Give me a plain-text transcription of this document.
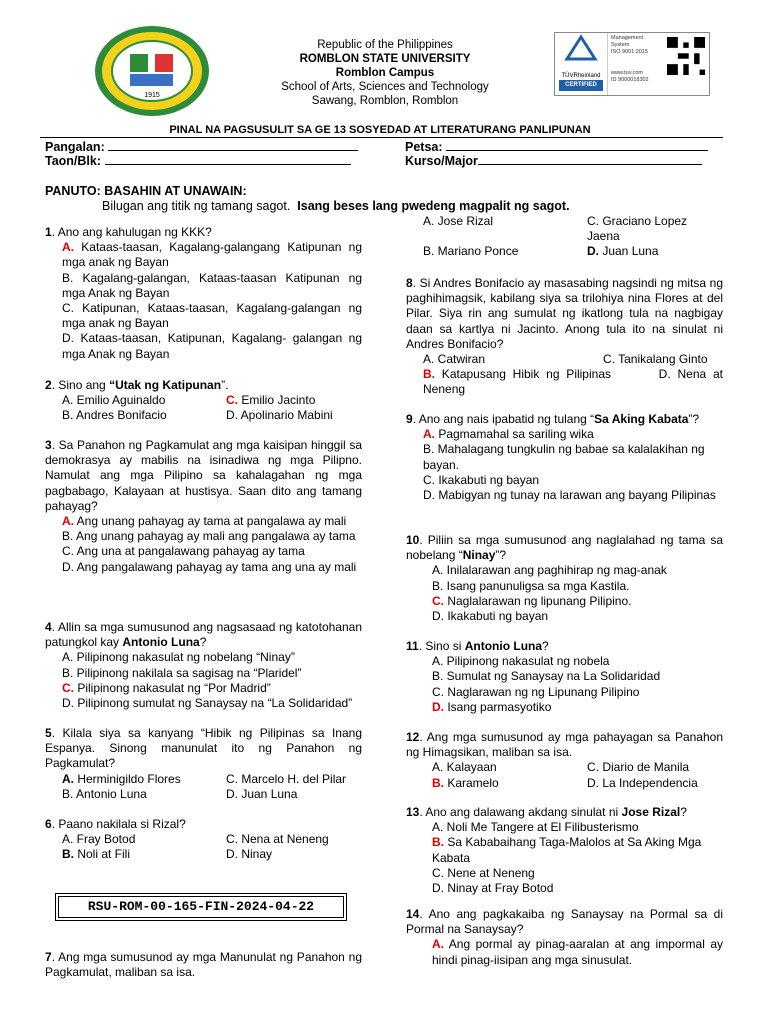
1915
Republic of the Philippines
ROMBLON STATE UNIVERSITY
Romblon Campus
School of Arts, Sciences and Technology
Sawang, Romblon, Romblon
TÜVRheinland
CERTIFIED
Management
System
ISO 9001:2015
www.tuv.com
ID 9000018302
PINAL NA PAGSUSULIT SA GE 13 SOSYEDAD AT LITERATURANG PANLIPUNAN
Pangalan:	Petsa:
Taon/Blk:	Kurso/Major
PANUTO: BASAHIN AT UNAWAIN:
Bilugan ang titik ng tamang sagot. Isang beses lang pwedeng magpalit ng sagot.
1. Ano ang kahulugan ng KKK?
A. Kataas-taasan, Kagalang-galangang Katipunan ng mga anak ng Bayan
B. Kagalang-galangan, Kataas-taasan Katipunan ng mga Anak ng Bayan
C. Katipunan, Kataas-taasan, Kagalang-galangan ng mga anak ng Bayan
D. Kataas-taasan, Katipunan, Kagalang- galangan ng mga Anak ng Bayan
2. Sino ang “Utak ng Katipunan”.
A. Emilio Aguinaldo	C. Emilio Jacinto
B. Andres Bonifacio	D. Apolinario Mabini
3. Sa Panahon ng Pagkamulat ang mga kaisipan hinggil sa demokrasya ay mabilis na isinadiwa ng mga Pilipno. Namulat ang mga Pilipino sa kahalagahan ng mga pagbabago, Kalayaan at hustisya. Saan dito ang tamang pahayag?
A. Ang unang pahayag ay tama at pangalawa ay mali
B. Ang unang pahayag ay mali ang pangalawa ay tama
C. Ang una at pangalawang pahayag ay tama
D. Ang pangalawang pahayag ay tama ang una ay mali
4. Allin sa mga sumusunod ang nagsasaad ng katotohanan patungkol kay Antonio Luna?
A. Pilipinong nakasulat ng nobelang “Ninay”
B. Pilipinong nakilala sa sagisag na “Plaridel”
C. Pilipinong nakasulat ng “Por Madrid”
D. Pilipinong sumulat ng Sanaysay na “La Solidaridad”
5. Kilala siya sa kanyang “Hibik ng Pilipinas sa Inang Espanya. Sinong manunulat ito ng Panahon ng Pagkamulat?
A. Herminigildo Flores	C. Marcelo H. del Pilar
B. Antonio Luna	D. Juan Luna
6. Paano nakilala si Rizal?
A. Fray Botod	C. Nena at Neneng
B. Noli at Fili	D. Ninay
RSU-ROM-00-165-FIN-2024-04-22
7. Ang mga sumusunod ay mga Manunulat ng Panahon ng Pagkamulat, maliban sa isa.
A. Jose Rizal	C. Graciano Lopez Jaena
B. Mariano Ponce	D. Juan Luna
8. Si Andres Bonifacio ay masasabing nagsindi ng mitsa ng paghihimagsik, kabilang siya sa trilohiya nina Flores at del Pilar. Siya rin ang sumulat ng ikatlong tula na nagbigay daan sa kartlya ni Jacinto. Anong tula ito na sinulat ni Andres Bonifacio?
A. Catwiran	C. Tanikalang Ginto
B. Katapusang Hibik ng Pilipinas	D. Nena at Neneng
9. Ano ang nais ipabatid ng tulang “Sa Aking Kabata”?
A. Pagmamahal sa sariling wika
B. Mahalagang tungkulin ng babae sa kalalakihan ng bayan.
C. Ikakabuti ng bayan
D. Mabigyan ng tunay na larawan ang bayang Pilipinas
10. Piliin sa mga sumusunod ang naglalahad ng tama sa nobelang “Ninay”?
A. Inilalarawan ang paghihirap ng mag-anak
B. Isang panunuligsa sa mga Kastila.
C. Naglalarawan ng lipunang Pilipino.
D. Ikakabuti ng bayan
11. Sino si Antonio Luna?
A. Pilipinong nakasulat ng nobela
B. Sumulat ng Sanaysay na La Solidaridad
C. Naglarawan ng ng Lipunang Pilipino
D. Isang parmasyotiko
12. Ang mga sumusunod ay mga pahayagan sa Panahon ng Himagsikan, maliban sa isa.
A. Kalayaan	C. Diario de Manila
B. Karamelo	D. La Independencia
13. Ano ang dalawang akdang sinulat ni Jose Rizal?
A. Noli Me Tangere at El Filibusterismo
B. Sa Kababaihang Taga-Malolos at Sa Aking Mga Kabata
C. Nene at Neneng
D. Ninay at Fray Botod
14. Ano ang pagkakaiba ng Sanaysay na Pormal sa di Pormal na Sanaysay?
A. Ang pormal ay pinag-aaralan at ang impormal ay hindi pinag-iisipan ang mga sinusulat.
